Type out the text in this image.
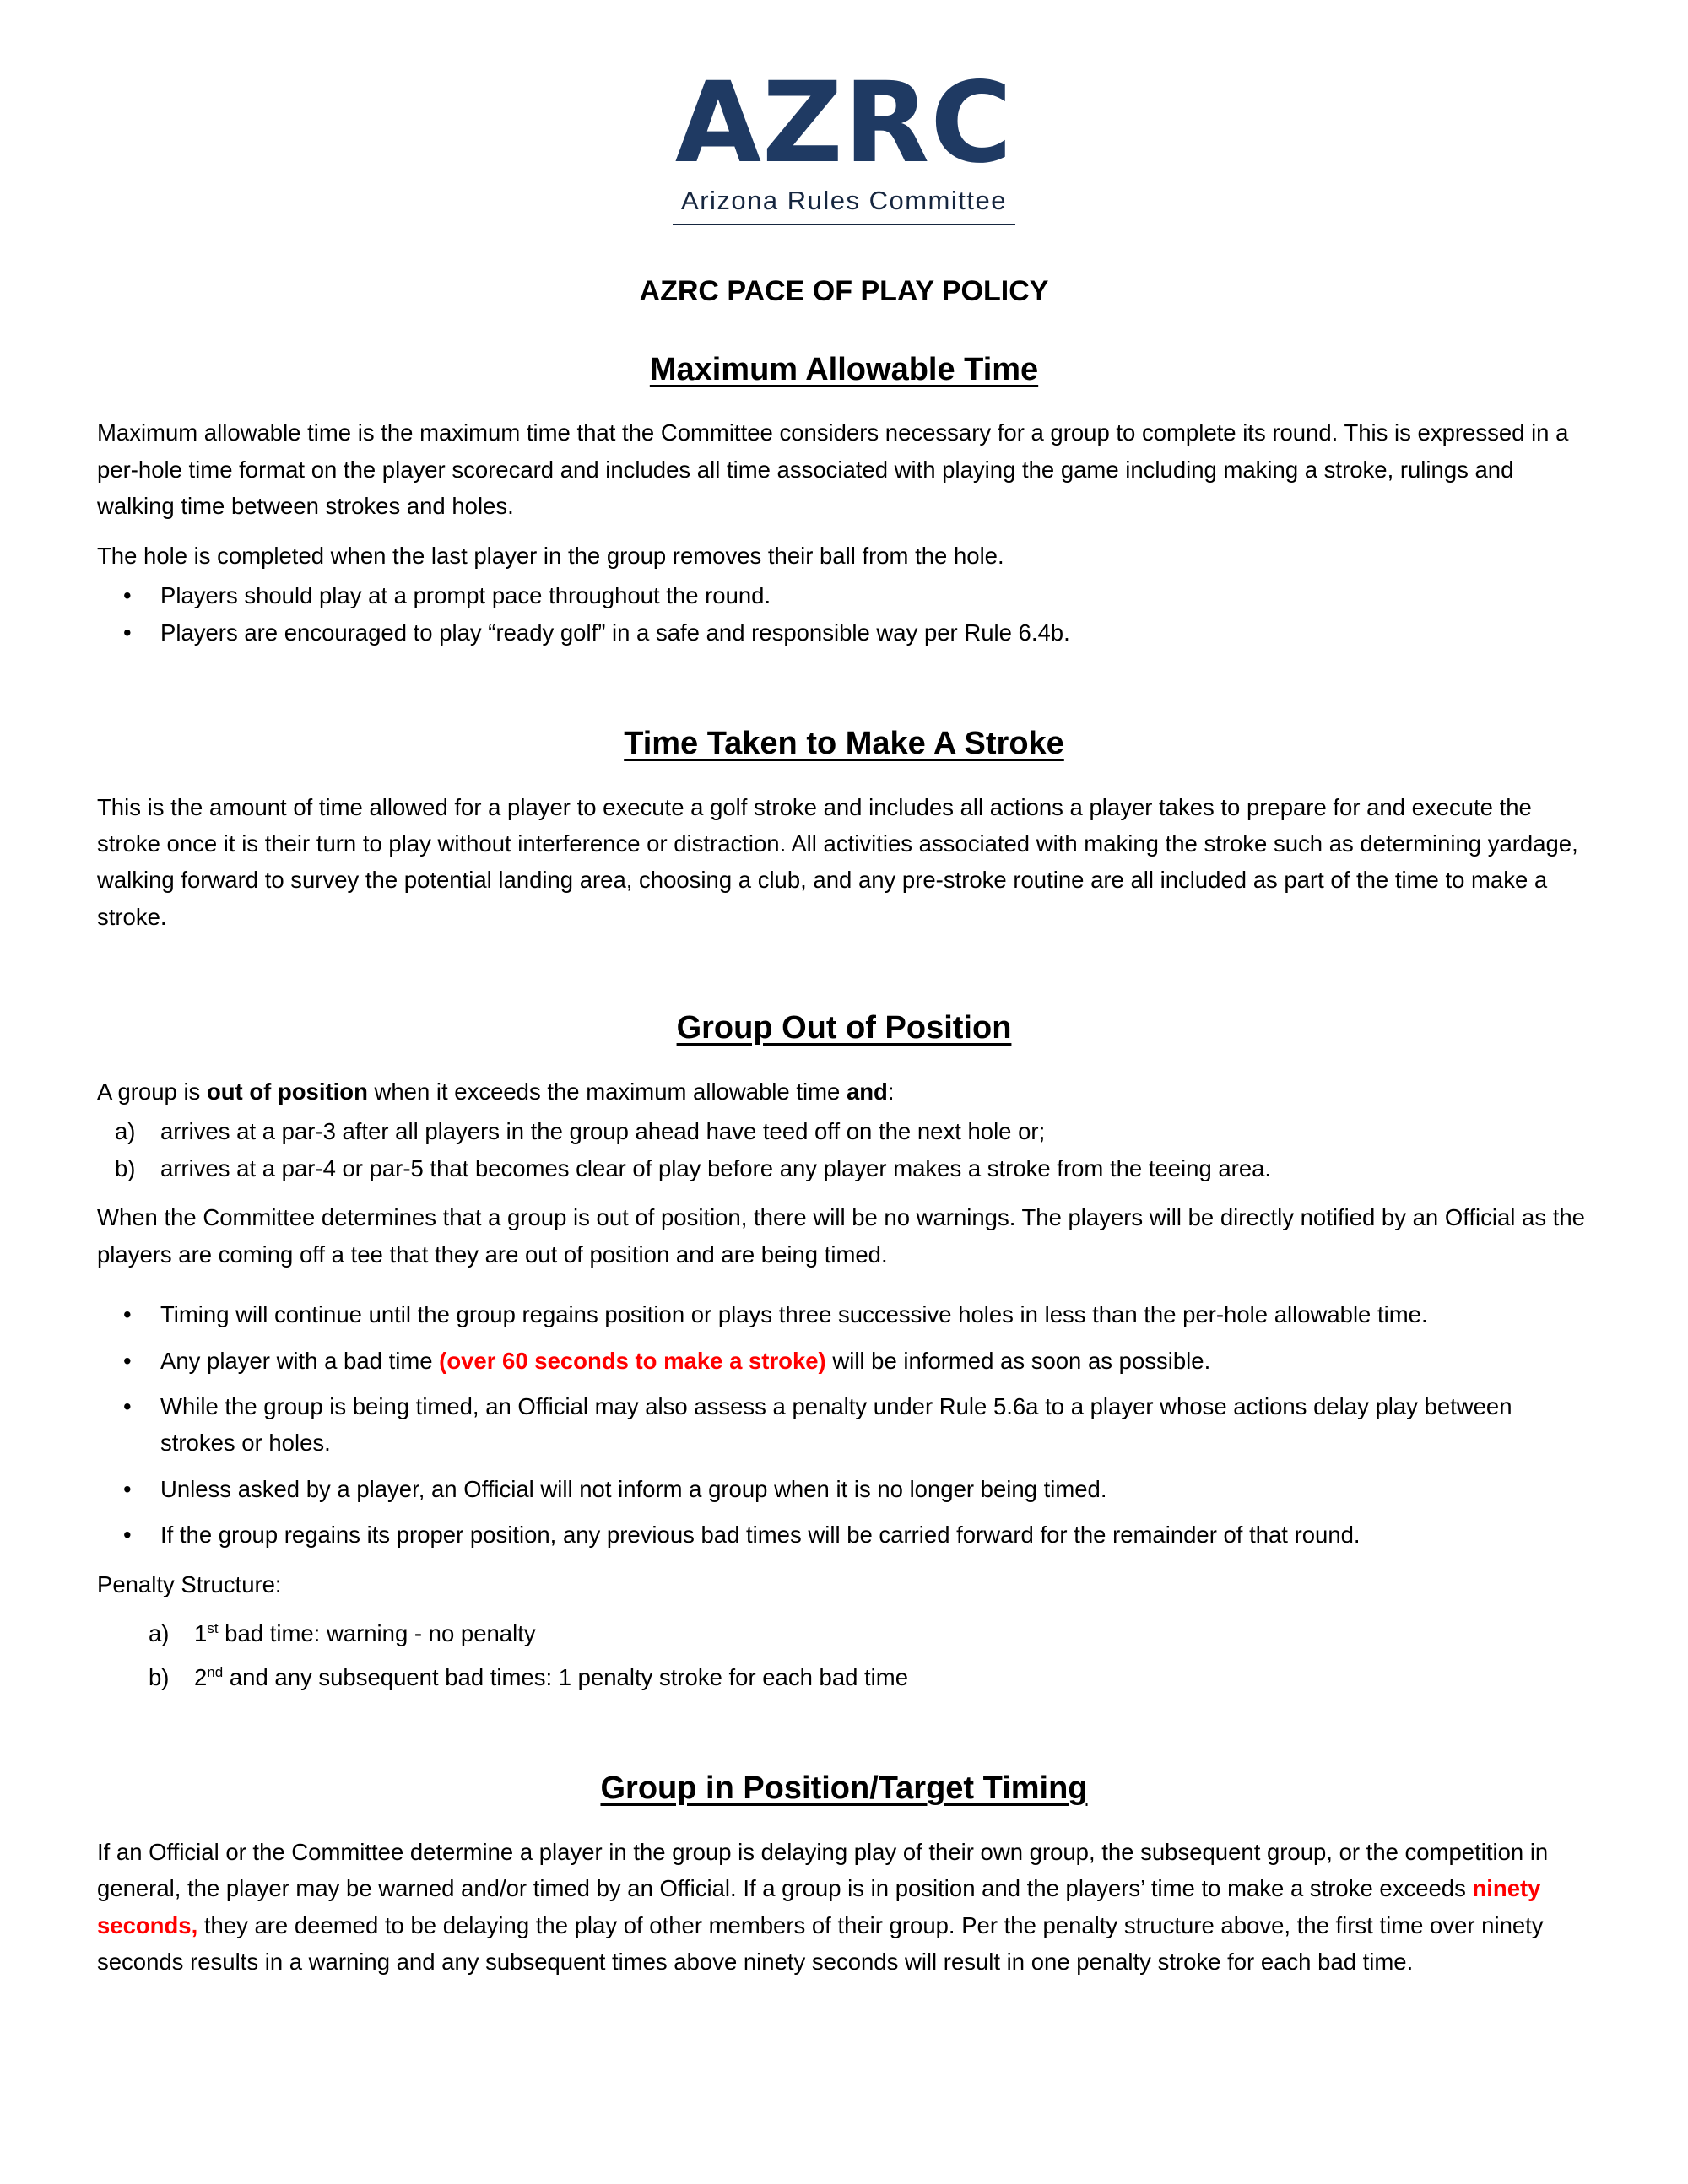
AZRC
Arizona Rules Committee
AZRC PACE OF PLAY POLICY
Maximum Allowable Time

Maximum allowable time is the maximum time that the Committee considers necessary for a group to complete its round. This is expressed in a per-hole time format on the player scorecard and includes all time associated with playing the game including making a stroke, rulings and walking time between strokes and holes.

The hole is completed when the last player in the group removes their ball from the hole.

•
Players should play at a prompt pace throughout the round.
•
Players are encouraged to play “ready golf” in a safe and responsible way per Rule 6.4b.
Time Taken to Make A Stroke

This is the amount of time allowed for a player to execute a golf stroke and includes all actions a player takes to prepare for and execute the stroke once it is their turn to play without interference or distraction. All activities associated with making the stroke such as determining yardage, walking forward to survey the potential landing area, choosing a club, and any pre-stroke routine are all included as part of the time to make a stroke.

Group Out of Position

A group is out of position when it exceeds the maximum allowable time and:

a)	arrives at a par-3 after all players in the group ahead have teed off on the next hole or;
b)	arrives at a par-4 or par-5 that becomes clear of play before any player makes a stroke from the teeing area.

When the Committee determines that a group is out of position, there will be no warnings. The players will be directly notified by an Official as the players are coming off a tee that they are out of position and are being timed.

•
Timing will continue until the group regains position or plays three successive holes in less than the per-hole allowable time.
•
Any player with a bad time (over 60 seconds to make a stroke) will be informed as soon as possible.
•
While the group is being timed, an Official may also assess a penalty under Rule 5.6a to a player whose actions delay play between strokes or holes.
•
Unless asked by a player, an Official will not inform a group when it is no longer being timed.
•
If the group regains its proper position, any previous bad times will be carried forward for the remainder of that round.

Penalty Structure:

a)	1st bad time: warning - no penalty
b)	2nd and any subsequent bad times: 1 penalty stroke for each bad time
Group in Position/Target Timing

If an Official or the Committee determine a player in the group is delaying play of their own group, the subsequent group, or the competition in general, the player may be warned and/or timed by an Official. If a group is in position and the players’ time to make a stroke exceeds ninety seconds, they are deemed to be delaying the play of other members of their group. Per the penalty structure above, the first time over ninety seconds results in a warning and any subsequent times above ninety seconds will result in one penalty stroke for each bad time.
